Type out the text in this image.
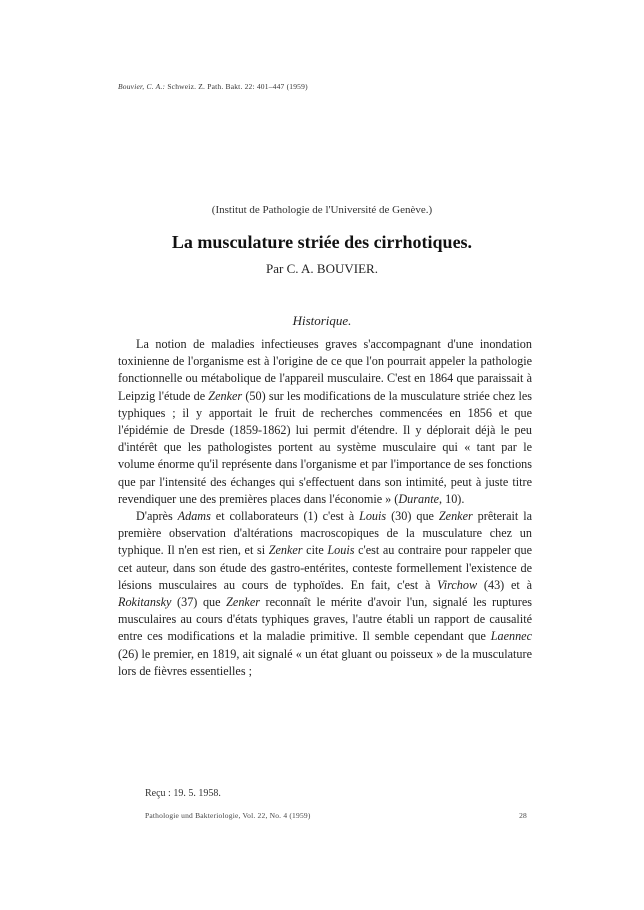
Bouvier, C. A.: Schweiz. Z. Path. Bakt. 22: 401–447 (1959)
(Institut de Pathologie de l'Université de Genève.)
La musculature striée des cirrhotiques.
Par C. A. BOUVIER.
Historique.

La notion de maladies infectieuses graves s'accompagnant d'une inondation toxinienne de l'organisme est à l'origine de ce que l'on pourrait appeler la pathologie fonctionnelle ou métabolique de l'appareil musculaire. C'est en 1864 que paraissait à Leipzig l'étude de Zenker (50) sur les modifications de la musculature striée chez les typhiques ; il y apportait le fruit de recherches commencées en 1856 et que l'épidémie de Dresde (1859-1862) lui permit d'étendre. Il y déplorait déjà le peu d'intérêt que les pathologistes portent au système musculaire qui « tant par le volume énorme qu'il représente dans l'organisme et par l'importance de ses fonctions que par l'intensité des échanges qui s'effectuent dans son intimité, peut à juste titre revendiquer une des premières places dans l'économie » (Durante, 10).

D'après Adams et collaborateurs (1) c'est à Louis (30) que Zenker prêterait la première observation d'altérations macroscopiques de la musculature chez un typhique. Il n'en est rien, et si Zenker cite Louis c'est au contraire pour rappeler que cet auteur, dans son étude des gastro-entérites, conteste formellement l'existence de lésions musculaires au cours de typhoïdes. En fait, c'est à Virchow (43) et à Rokitansky (37) que Zenker reconnaît le mérite d'avoir l'un, signalé les ruptures musculaires au cours d'états typhiques graves, l'autre établi un rapport de causalité entre ces modifications et la maladie primitive. Il semble cependant que Laennec (26) le premier, en 1819, ait signalé « un état gluant ou poisseux » de la musculature lors de fièvres essentielles ;

Reçu : 19. 5. 1958.
Pathologie und Bakteriologie, Vol. 22, No. 4 (1959)	28
